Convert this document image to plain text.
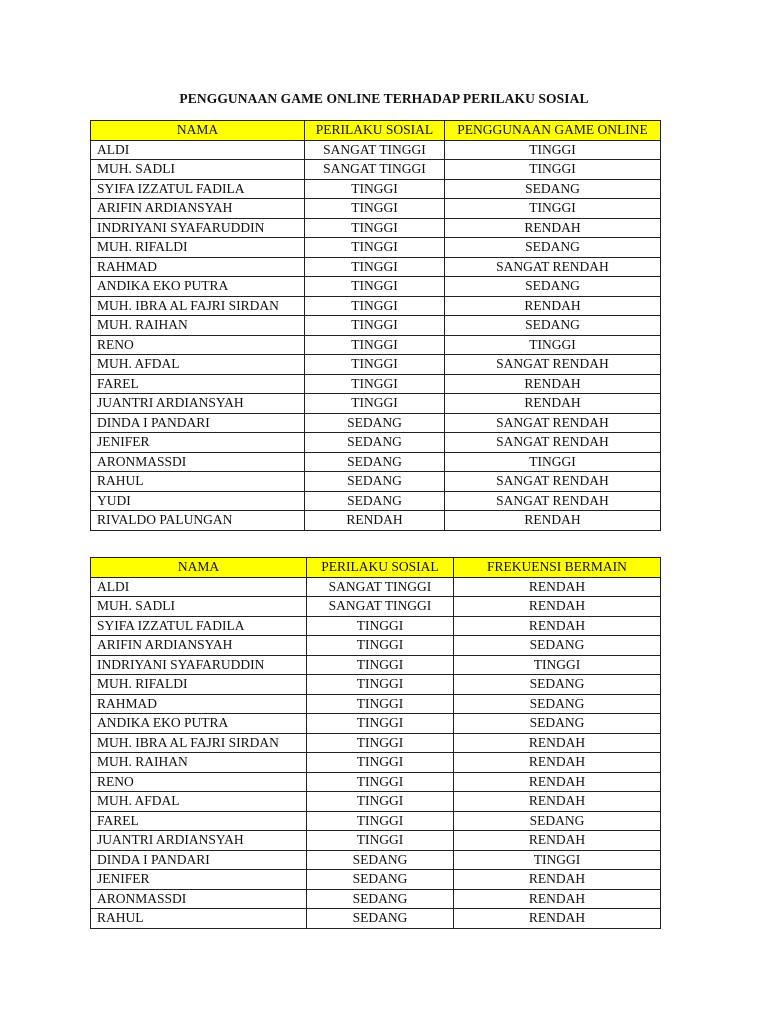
PENGGUNAAN GAME ONLINE TERHADAP PERILAKU SOSIAL
NAMA	PERILAKU SOSIAL	PENGGUNAAN GAME ONLINE
ALDI	SANGAT TINGGI	TINGGI
MUH. SADLI	SANGAT TINGGI	TINGGI
SYIFA IZZATUL FADILA	TINGGI	SEDANG
ARIFIN ARDIANSYAH	TINGGI	TINGGI
INDRIYANI SYAFARUDDIN	TINGGI	RENDAH
MUH. RIFALDI	TINGGI	SEDANG
RAHMAD	TINGGI	SANGAT RENDAH
ANDIKA EKO PUTRA	TINGGI	SEDANG
MUH. IBRA AL FAJRI SIRDAN	TINGGI	RENDAH
MUH. RAIHAN	TINGGI	SEDANG
RENO	TINGGI	TINGGI
MUH. AFDAL	TINGGI	SANGAT RENDAH
FAREL	TINGGI	RENDAH
JUANTRI ARDIANSYAH	TINGGI	RENDAH
DINDA I PANDARI	SEDANG	SANGAT RENDAH
JENIFER	SEDANG	SANGAT RENDAH
ARONMASSDI	SEDANG	TINGGI
RAHUL	SEDANG	SANGAT RENDAH
YUDI	SEDANG	SANGAT RENDAH
RIVALDO PALUNGAN	RENDAH	RENDAH
NAMA	PERILAKU SOSIAL	FREKUENSI BERMAIN
ALDI	SANGAT TINGGI	RENDAH
MUH. SADLI	SANGAT TINGGI	RENDAH
SYIFA IZZATUL FADILA	TINGGI	RENDAH
ARIFIN ARDIANSYAH	TINGGI	SEDANG
INDRIYANI SYAFARUDDIN	TINGGI	TINGGI
MUH. RIFALDI	TINGGI	SEDANG
RAHMAD	TINGGI	SEDANG
ANDIKA EKO PUTRA	TINGGI	SEDANG
MUH. IBRA AL FAJRI SIRDAN	TINGGI	RENDAH
MUH. RAIHAN	TINGGI	RENDAH
RENO	TINGGI	RENDAH
MUH. AFDAL	TINGGI	RENDAH
FAREL	TINGGI	SEDANG
JUANTRI ARDIANSYAH	TINGGI	RENDAH
DINDA I PANDARI	SEDANG	TINGGI
JENIFER	SEDANG	RENDAH
ARONMASSDI	SEDANG	RENDAH
RAHUL	SEDANG	RENDAH
